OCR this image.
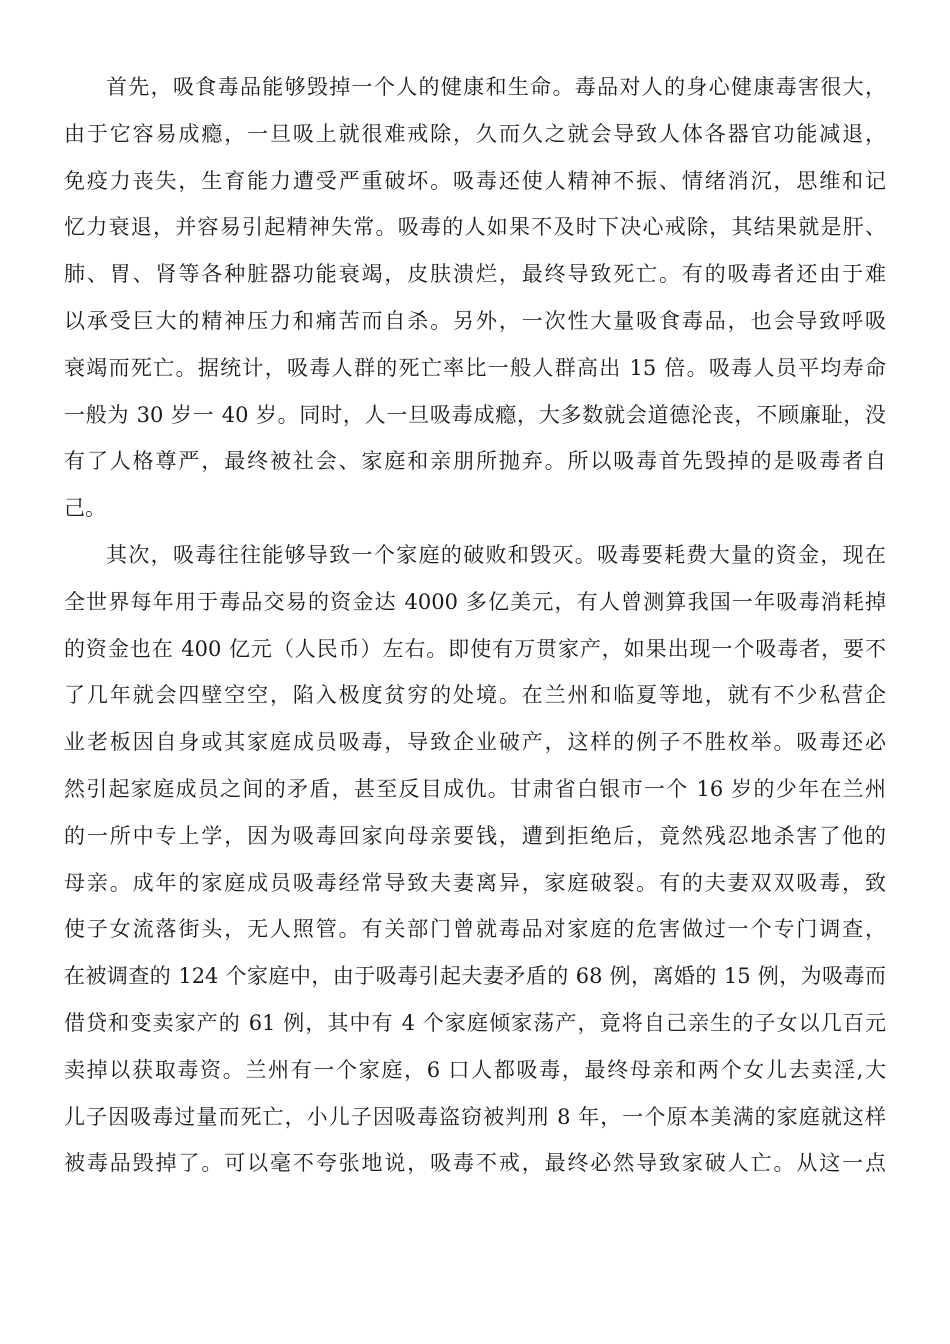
首先，吸食毒品能够毁掉一个人的健康和生命。毒品对人的身心健康毒害很大，
由于它容易成瘾，一旦吸上就很难戒除，久而久之就会导致人体各器官功能减退，
免疫力丧失，生育能力遭受严重破坏。吸毒还使人精神不振、情绪消沉，思维和记
忆力衰退，并容易引起精神失常。吸毒的人如果不及时下决心戒除，其结果就是肝、
肺、胃、肾等各种脏器功能衰竭，皮肤溃烂，最终导致死亡。有的吸毒者还由于难
以承受巨大的精神压力和痛苦而自杀。另外，一次性大量吸食毒品，也会导致呼吸
衰竭而死亡。据统计，吸毒人群的死亡率比一般人群高出 15 倍。吸毒人员平均寿命
一般为 30 岁一 40 岁。同时，人一旦吸毒成瘾，大多数就会道德沦丧，不顾廉耻，没
有了人格尊严，最终被社会、家庭和亲朋所抛弃。所以吸毒首先毁掉的是吸毒者自
己。
其次，吸毒往往能够导致一个家庭的破败和毁灭。吸毒要耗费大量的资金，现在
全世界每年用于毒品交易的资金达 4000 多亿美元，有人曾测算我国一年吸毒消耗掉
的资金也在 400 亿元（人民币）左右。即使有万贯家产，如果出现一个吸毒者，要不
了几年就会四壁空空，陷入极度贫穷的处境。在兰州和临夏等地，就有不少私营企
业老板因自身或其家庭成员吸毒，导致企业破产，这样的例子不胜枚举。吸毒还必
然引起家庭成员之间的矛盾，甚至反目成仇。甘肃省白银市一个 16 岁的少年在兰州
的一所中专上学，因为吸毒回家向母亲要钱，遭到拒绝后，竟然残忍地杀害了他的
母亲。成年的家庭成员吸毒经常导致夫妻离异，家庭破裂。有的夫妻双双吸毒，致
使子女流落街头，无人照管。有关部门曾就毒品对家庭的危害做过一个专门调查，
在被调查的 124 个家庭中，由于吸毒引起夫妻矛盾的 68 例，离婚的 15 例，为吸毒而
借贷和变卖家产的 61 例，其中有 4 个家庭倾家荡产，竟将自己亲生的子女以几百元
卖掉以获取毒资。兰州有一个家庭，6 口人都吸毒，最终母亲和两个女儿去卖淫,大
儿子因吸毒过量而死亡，小儿子因吸毒盗窃被判刑 8 年，一个原本美满的家庭就这样
被毒品毁掉了。可以毫不夸张地说，吸毒不戒，最终必然导致家破人亡。从这一点
